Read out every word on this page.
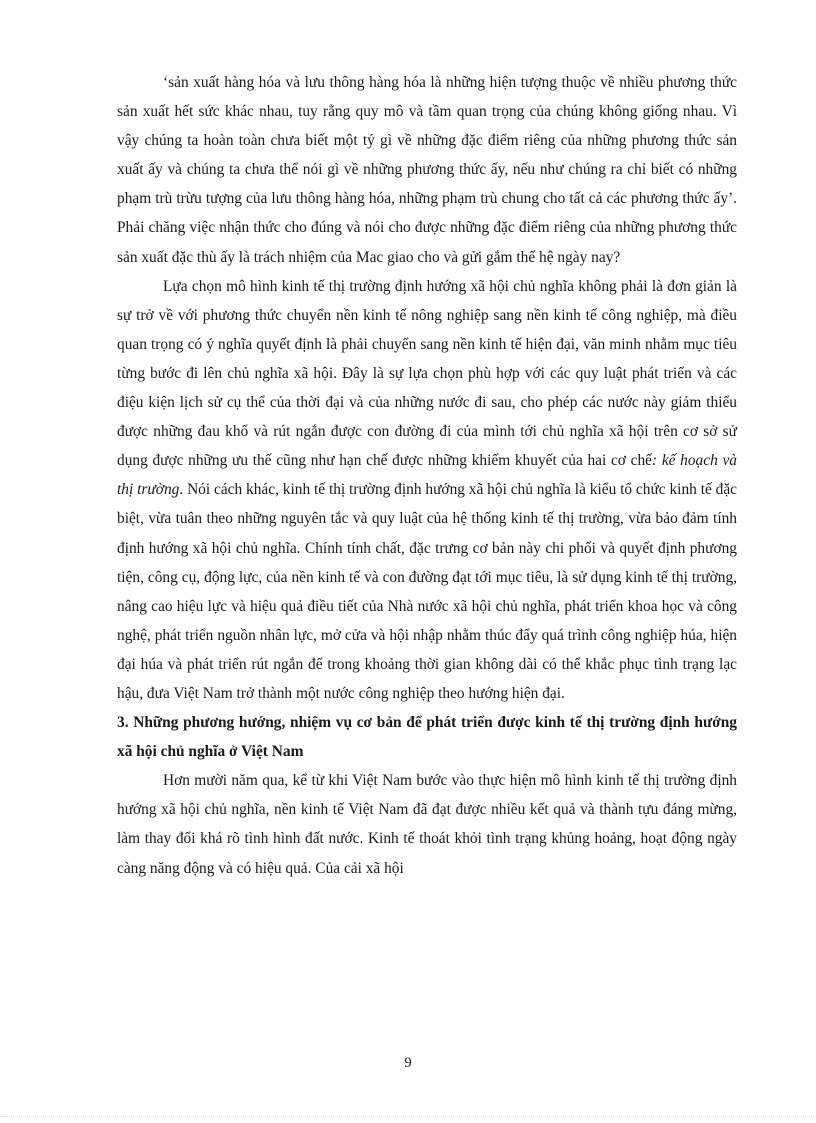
‘sản xuất hàng hóa và lưu thông hàng hóa là những hiện tượng thuộc về nhiều phương thức sản xuất hết sức khác nhau, tuy rằng quy mô và tầm quan trọng của chúng không giống nhau. Vì vậy chúng ta hoàn toàn chưa biết một tý gì về những đặc điểm riêng của những phương thức sản xuất ấy và chúng ta chưa thể nói gì về những phương thức ấy, nếu như chúng ra chỉ biết có những phạm trù trừu tượng của lưu thông hàng hóa, những phạm trù chung cho tất cả các phương thức ấy’. Phải chăng việc nhận thức cho đúng và nói cho được những đặc điểm riêng của những phương thức sản xuất đặc thù ấy là trách nhiệm của Mac giao cho và gửi gắm thế hệ ngày nay?

Lựa chọn mô hình kinh tế thị trường định hướng xã hội chủ nghĩa không phải là đơn giản là sự trở về với phương thức chuyển nền kinh tế nông nghiệp sang nền kinh tế công nghiệp, mà điều quan trọng có ý nghĩa quyết định là phải chuyển sang nền kinh tế hiện đại, văn minh nhằm mục tiêu từng bước đi lên chủ nghĩa xã hội. Đây là sự lựa chọn phù hợp với các quy luật phát triển và các điệu kiện lịch sử cụ thể của thời đại và của những nước đi sau, cho phép các nước này giảm thiểu được những đau khổ và rút ngắn được con đường đi của mình tới chủ nghĩa xã hội trên cơ sở sử dụng được những ưu thế cũng như hạn chế được những khiếm khuyết của hai cơ chế: kế hoạch và thị trường. Nói cách khác, kinh tế thị trường định hướng xã hội chủ nghĩa là kiểu tổ chức kinh tế đặc biệt, vừa tuân theo những nguyên tắc và quy luật của hệ thống kinh tế thị trường, vừa bảo đảm tính định hướng xã hội chủ nghĩa. Chính tính chất, đặc trưng cơ bản này chi phối và quyết định phương tiện, công cụ, động lực, của nền kinh tế và con đường đạt tới mục tiêu, là sử dụng kinh tế thị trường, nâng cao hiệu lực và hiệu quả điều tiết của Nhà nước xã hội chủ nghĩa, phát triển khoa học và công nghệ, phát triển nguồn nhân lực, mở cửa và hội nhập nhằm thúc đẩy quá trình công nghiệp húa, hiện đại húa và phát triển rút ngắn để trong khoảng thời gian không dài có thể khắc phục tình trạng lạc hậu, đưa Việt Nam trở thành một nước công nghiệp theo hướng hiện đại.

3. Những phương hướng, nhiệm vụ cơ bản để phát triển được kinh tế thị trường định hướng xã hội chủ nghĩa ở Việt Nam

Hơn mười năm qua, kể từ khi Việt Nam bước vào thực hiện mô hình kinh tế thị trường định hướng xã hội chủ nghĩa, nền kinh tế Việt Nam đã đạt được nhiều kết quả và thành tựu đáng mừng, làm thay đổi khá rõ tình hình đất nước. Kinh tế thoát khỏi tình trạng khủng hoảng, hoạt động ngày càng năng động và có hiệu quả. Của cải xã hội

9
